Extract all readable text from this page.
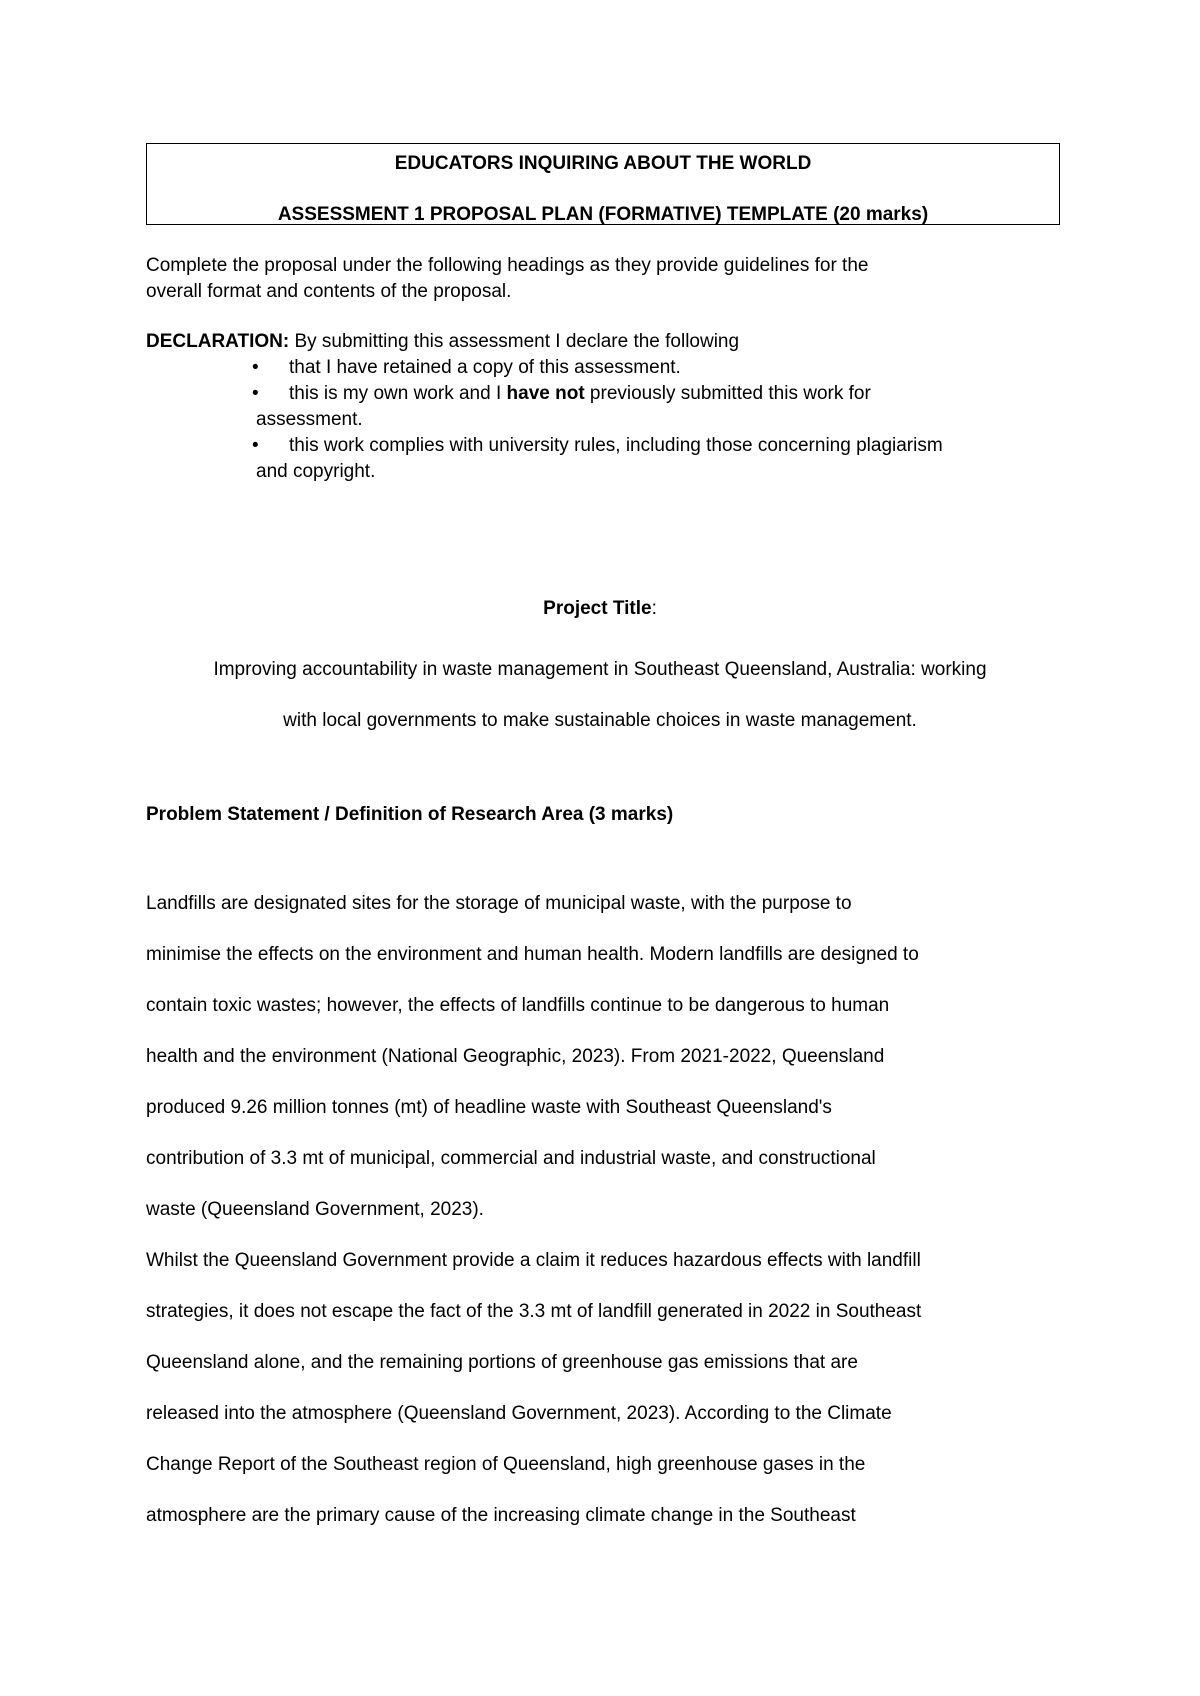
EDUCATORS INQUIRING ABOUT THE WORLD
ASSESSMENT 1 PROPOSAL PLAN (FORMATIVE) TEMPLATE (20 marks)
Complete the proposal under the following headings as they provide guidelines for the
overall format and contents of the proposal.
DECLARATION: By submitting this assessment I declare the following
• that I have retained a copy of this assessment.
• this is my own work and I have not previously submitted this work for
assessment.
• this work complies with university rules, including those concerning plagiarism
and copyright.
Project Title:
Improving accountability in waste management in Southeast Queensland, Australia: working
with local governments to make sustainable choices in waste management.
Problem Statement / Definition of Research Area (3 marks)

Landfills are designated sites for the storage of municipal waste, with the purpose to
minimise the effects on the environment and human health. Modern landfills are designed to
contain toxic wastes; however, the effects of landfills continue to be dangerous to human
health and the environment (National Geographic, 2023). From 2021-2022, Queensland
produced 9.26 million tonnes (mt) of headline waste with Southeast Queensland's
contribution of 3.3 mt of municipal, commercial and industrial waste, and constructional
waste (Queensland Government, 2023).

Whilst the Queensland Government provide a claim it reduces hazardous effects with landfill
strategies, it does not escape the fact of the 3.3 mt of landfill generated in 2022 in Southeast
Queensland alone, and the remaining portions of greenhouse gas emissions that are
released into the atmosphere (Queensland Government, 2023). According to the Climate
Change Report of the Southeast region of Queensland, high greenhouse gases in the
atmosphere are the primary cause of the increasing climate change in the Southeast
